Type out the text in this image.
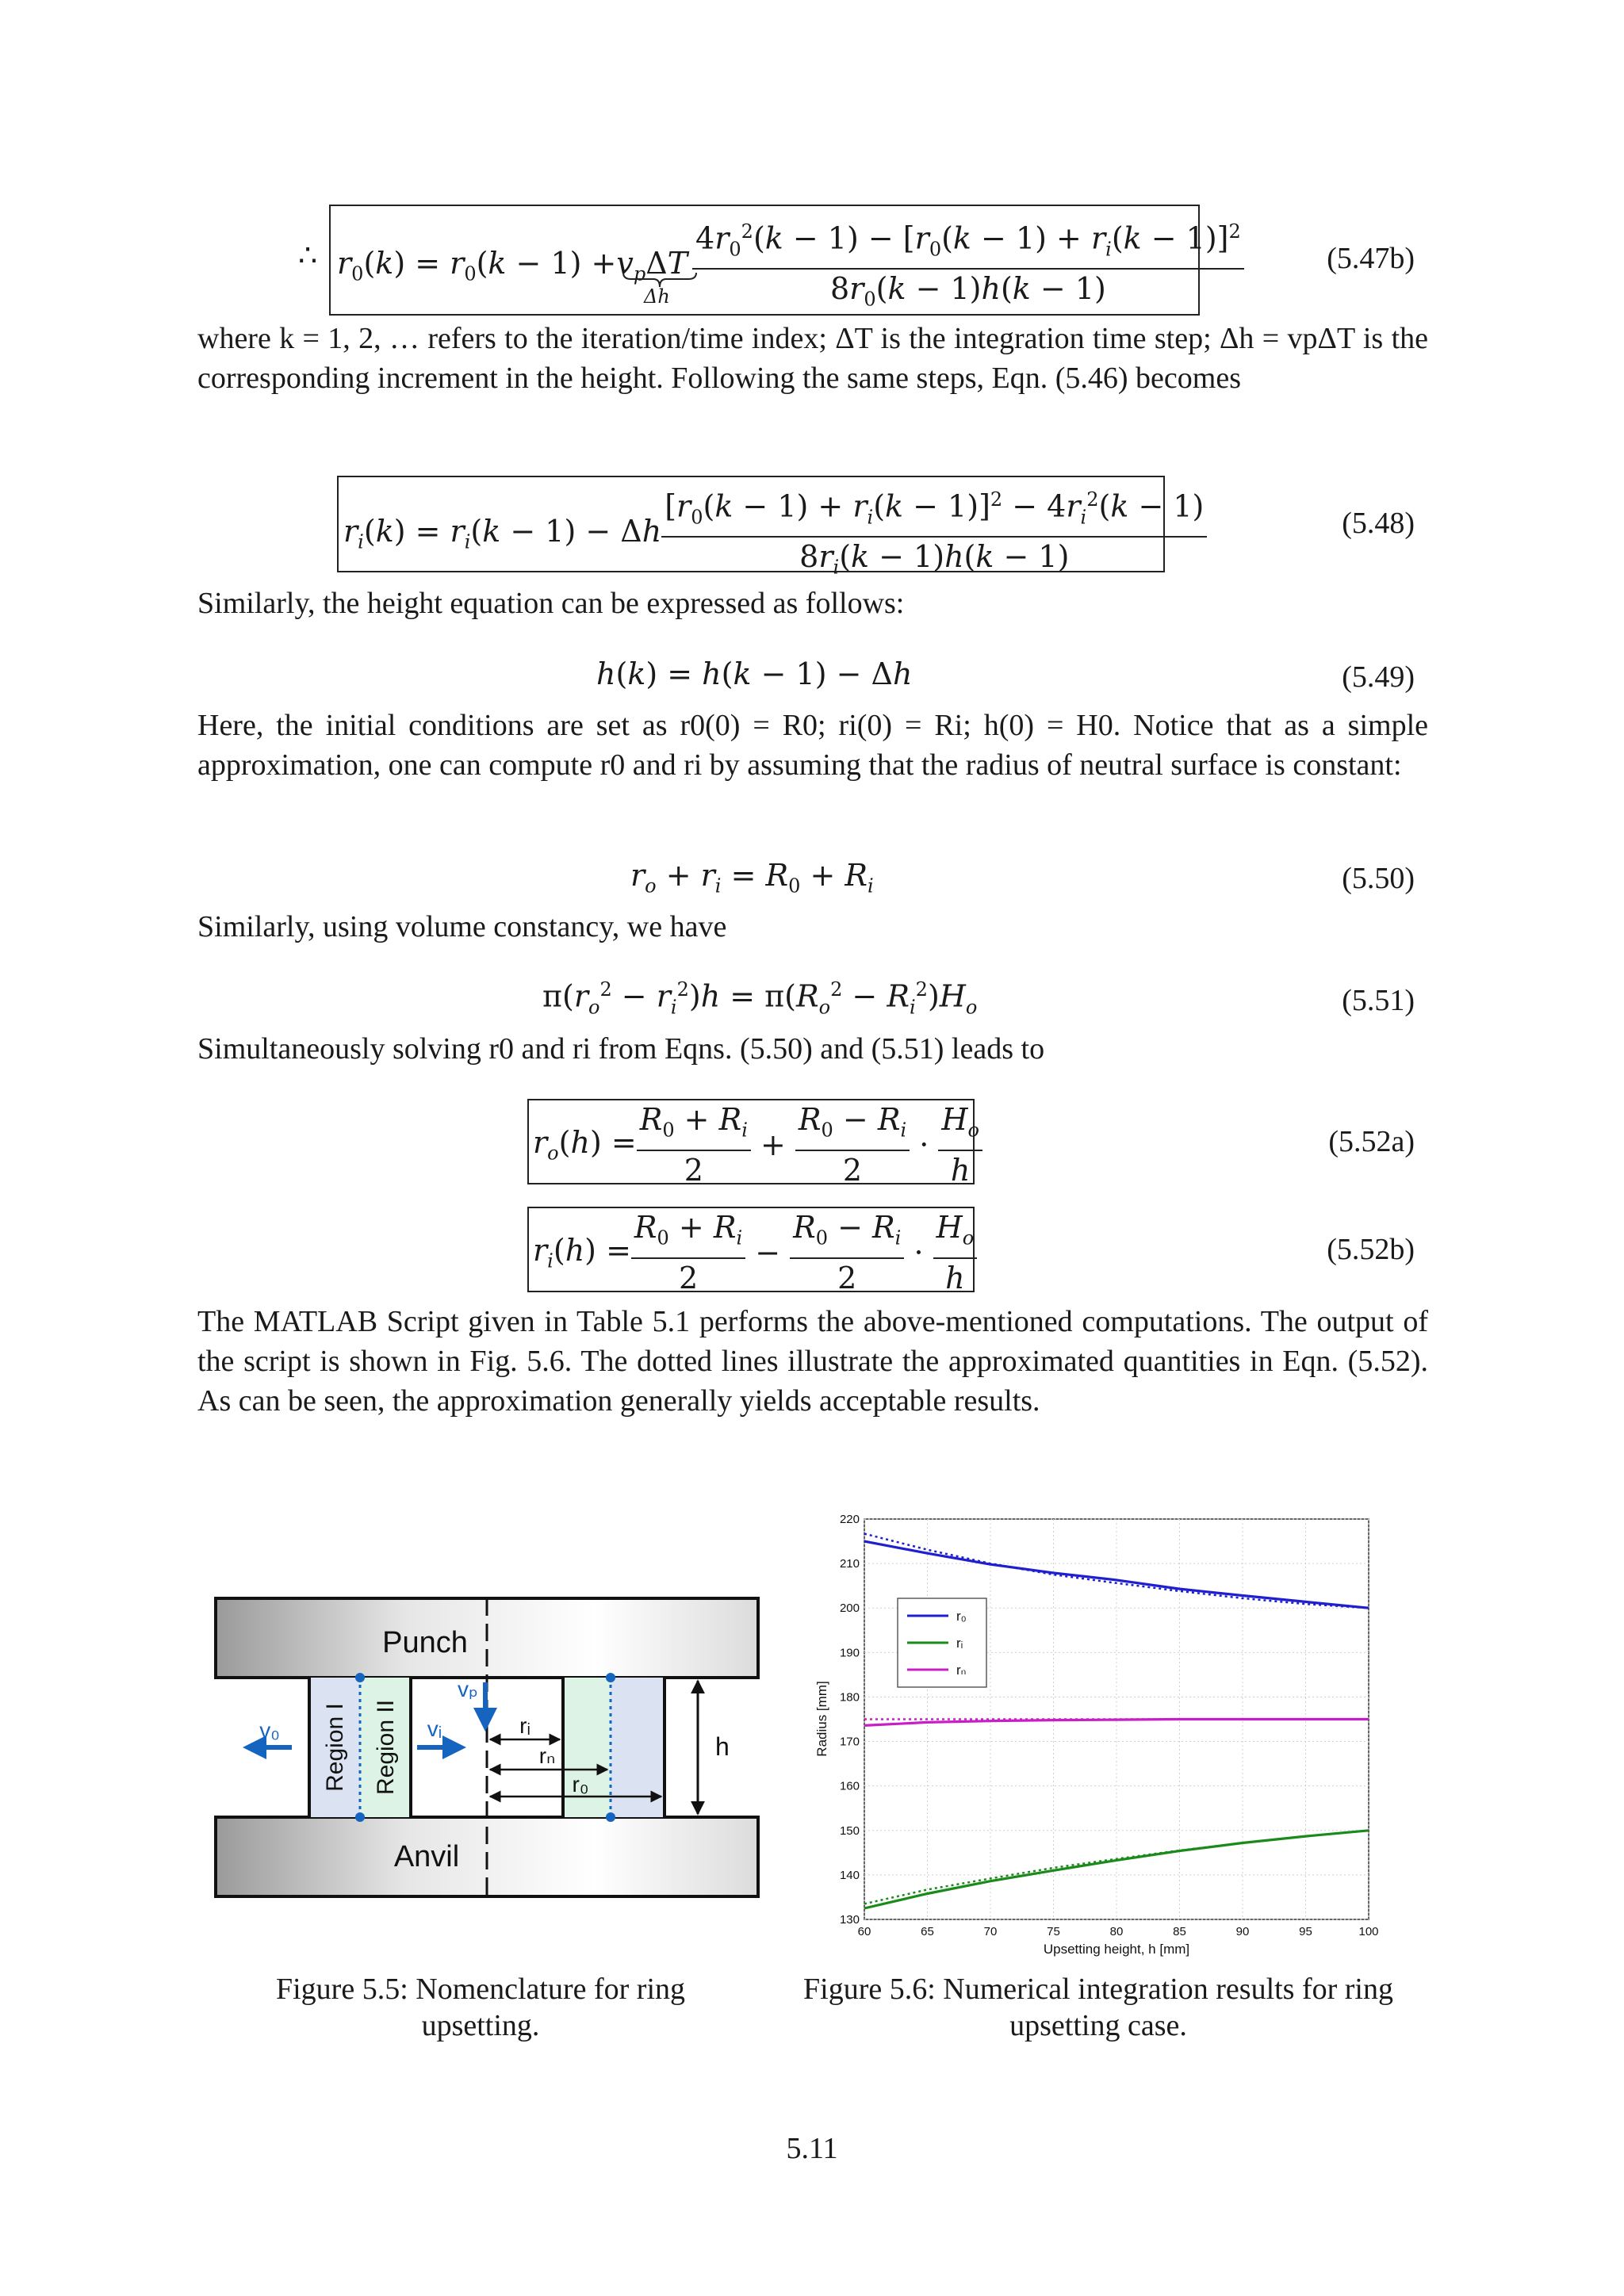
∴ $r_0(k) = r_0(k - 1) +v_p\Delta T \frac{4r_0^2(k - 1) - [r_0(k - 1) + r_i(k - 1)]^2}{8r_0(k - 1)h(k - 1)}$
Δh
(5.47b)
where k = 1, 2, … refers to the iteration/time index; ΔT is the integration time step; Δh = vpΔT is the corresponding increment in the height. Following the same steps, Eqn. (5.46) becomes
$r_i(k) = r_i(k - 1) - \Delta h \frac{[r_0(k - 1) + r_i(k - 1)]^2 - 4r_i^2(k - 1)}{8r_i(k - 1)h(k - 1)}$	(5.48)
Similarly, the height equation can be expressed as follows:
h(k) = h(k − 1) − Δh	(5.49)
Here, the initial conditions are set as r0(0) = R0; ri(0) = Ri; h(0) = H0. Notice that as a simple approximation, one can compute r0 and ri by assuming that the radius of neutral surface is constant:
$r_o + r_i = R_0 + R_i$	(5.50)
Similarly, using volume constancy, we have
$\pi(r_o^2 - r_i^2)h = \pi(R_o^2 - R_i^2)H_o$	(5.51)
Simultaneously solving r0 and ri from Eqns. (5.50) and (5.51) leads to
$r_o(h) = \frac{R_0 + R_i}{2} + \frac{R_0 - R_i}{2} \cdot \frac{H_o}{h}$	(5.52a)
$r_i(h) = \frac{R_0 + R_i}{2} - \frac{R_0 - R_i}{2} \cdot \frac{H_o}{h}$	(5.52b)
The MATLAB Script given in Table 5.1 performs the above-mentioned computations. The output of the script is shown in Fig. 5.6. The dotted lines illustrate the approximated quantities in Eqn. (5.52). As can be seen, the approximation generally yields acceptable results.
v₀	vᵢ
vₚ
rᵢ
rₙ
r₀
h
Punch
Anvil
Region I Region II
Figure 5.5: Nomenclature for ring upsetting.
60	65	70	75	80	85	90	95	100
130
140
150
160
170
180
190
200
210
220
Upsetting height, h [mm]
Radius [mm]
r₀
rᵢ
rₙ
Figure 5.6: Numerical integration results for ring upsetting case.
5.11
